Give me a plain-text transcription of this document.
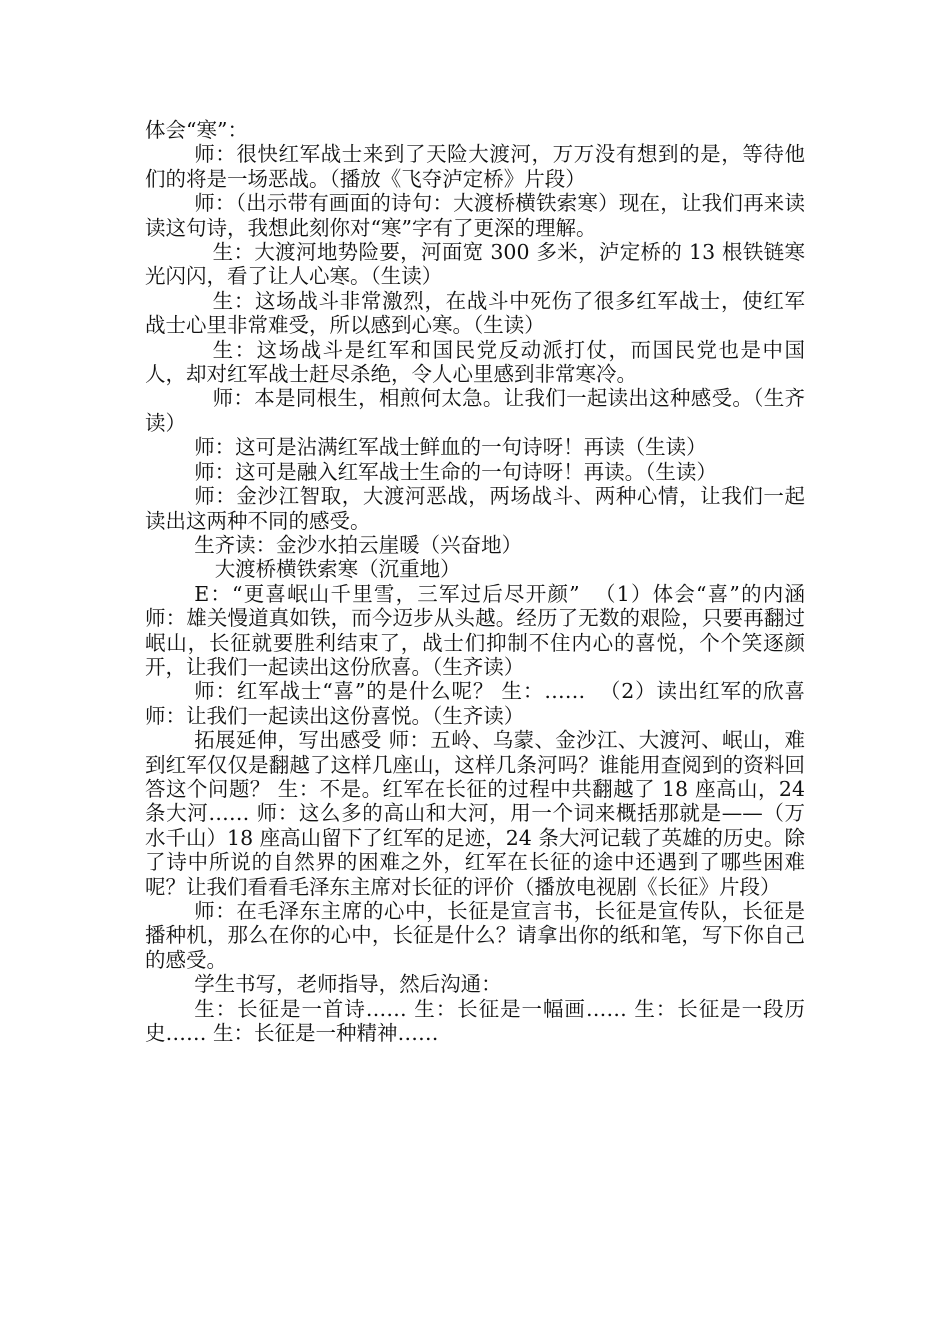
体会“寒”：

师：很快红军战士来到了天险大渡河，万万没有想到的是，等待他们的将是一场恶战。（播放《飞夺泸定桥》片段）

师：（出示带有画面的诗句：大渡桥横铁索寒）现在，让我们再来读读这句诗，我想此刻你对“寒”字有了更深的理解。

生：大渡河地势险要，河面宽 300 多米，泸定桥的 13 根铁链寒光闪闪，看了让人心寒。（生读）

生：这场战斗非常激烈，在战斗中死伤了很多红军战士，使红军战士心里非常难受，所以感到心寒。（生读）

生：这场战斗是红军和国民党反动派打仗，而国民党也是中国人，却对红军战士赶尽杀绝，令人心里感到非常寒冷。

师：本是同根生，相煎何太急。让我们一起读出这种感受。（生齐读）

师：这可是沾满红军战士鲜血的一句诗呀！再读（生读）

师：这可是融入红军战士生命的一句诗呀！再读。（生读）

师：金沙江智取，大渡河恶战，两场战斗、两种心情，让我们一起读出这两种不同的感受。

生齐读：金沙水拍云崖暖（兴奋地）

大渡桥横铁索寒（沉重地）

E：“更喜岷山千里雪，三军过后尽开颜”  （1）体会“喜”的内涵 师：雄关慢道真如铁，而今迈步从头越。经历了无数的艰险，只要再翻过岷山，长征就要胜利结束了，战士们抑制不住内心的喜悦，个个笑逐颜开，让我们一起读出这份欣喜。（生齐读）

师：红军战士“喜”的是什么呢？ 生：……  （2）读出红军的欣喜 师：让我们一起读出这份喜悦。（生齐读）

拓展延伸，写出感受 师：五岭、乌蒙、金沙江、大渡河、岷山，难到红军仅仅是翻越了这样几座山，这样几条河吗？谁能用查阅到的资料回答这个问题？ 生：不是。红军在长征的过程中共翻越了 18 座高山，24 条大河…… 师：这么多的高山和大河，用一个词来概括那就是——（万水千山）18 座高山留下了红军的足迹，24 条大河记载了英雄的历史。除了诗中所说的自然界的困难之外，红军在长征的途中还遇到了哪些困难呢？让我们看看毛泽东主席对长征的评价（播放电视剧《长征》片段）

师：在毛泽东主席的心中，长征是宣言书，长征是宣传队，长征是播种机，那么在你的心中，长征是什么？请拿出你的纸和笔，写下你自己的感受。

学生书写，老师指导，然后沟通：

生：长征是一首诗…… 生：长征是一幅画…… 生：长征是一段历史…… 生：长征是一种精神……
